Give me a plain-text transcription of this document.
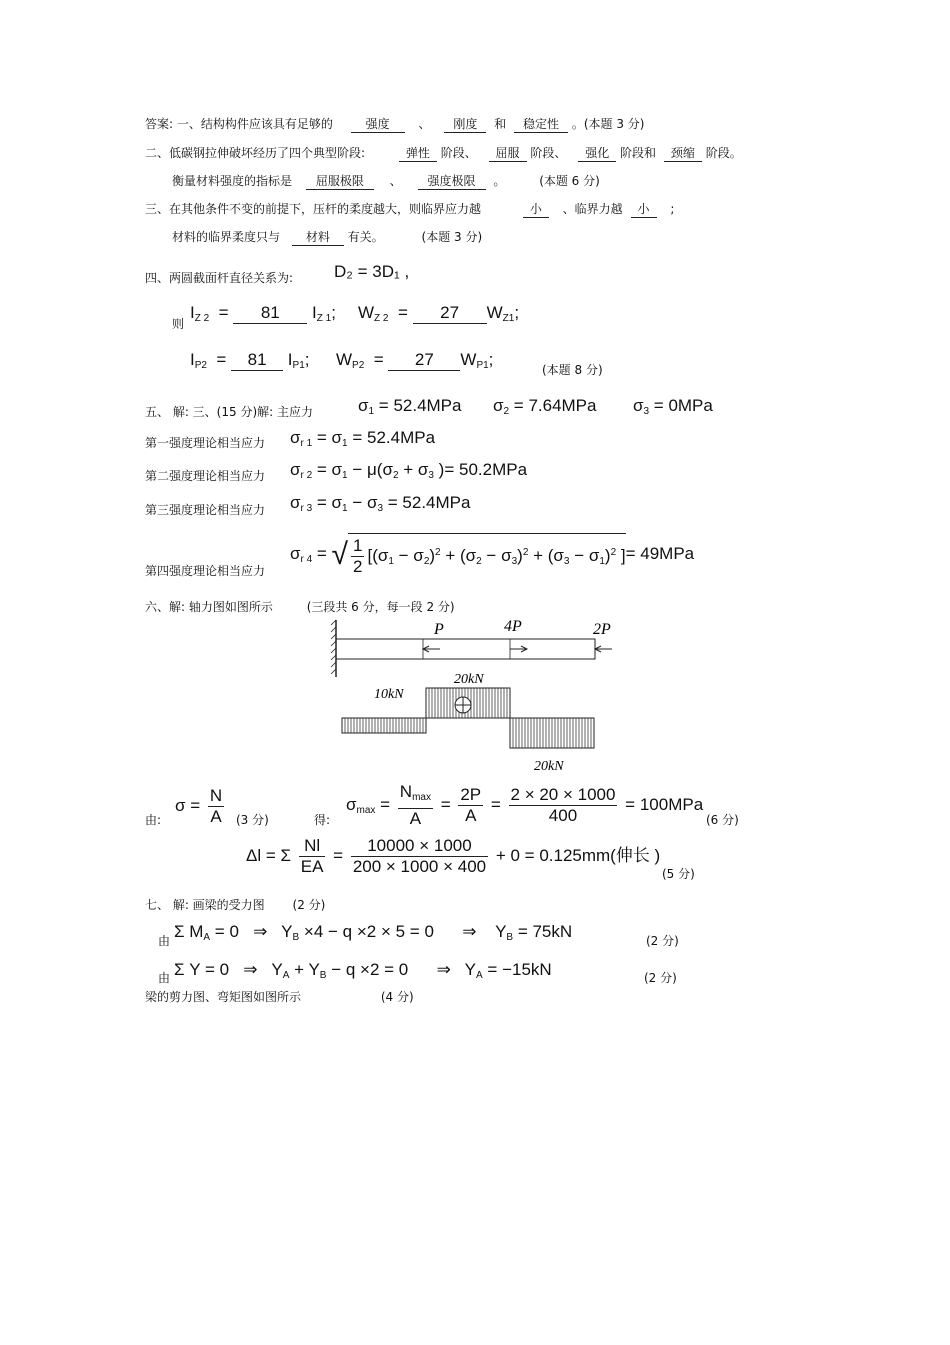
答案: 一、结构构件应该具有足够的	强度 、 刚度 和 稳定性 。(本题 3 分)
二、低碳钢拉伸破坏经历了四个典型阶段:	弹性 阶段、 屈服 阶段、 强化 阶段和 颈缩 阶段。
衡量材料强度的指标是 屈服极限 、 强度极限 。	(本题 6 分)
三、在其他条件不变的前提下，压杆的柔度越大，则临界应力越	小 、临界力越 小 ;
材料的临界柔度只与 材料 有关。	(本题 3 分)
四、两圆截面杆直径关系为: D₂ = 3D₁ ,
则
$I_{Z 2} = 81$ $I_{Z 1}$; $W_{Z 2} = 27$ $W_{Z1}$;
$I_{P2} = 81$ $I_{P1}$; $W_{P2} = 27$ $W_{P1}$;
(本题 8 分)
五、 解: 三、(15 分)解: 主应力	$\sigma_1 = 52.4MPa$ $\sigma_2 = 7.64MPa$ $\sigma_3 = 0MPa$
第一强度理论相当应力 $\sigma_{r 1} = \sigma_1 = 52.4MPa$
第二强度理论相当应力 $\sigma_{r 2} = \sigma_1 - \mu(\sigma_2 + \sigma_3$ )= 50.2MPa
第三强度理论相当应力 $\sigma_{r 3} = \sigma_1 - \sigma_3 = 52.4MPa$
第四强度理论相当应力
$\sigma_{r 4}$ = √ $\frac{1}{2} [(\sigma_1 - \sigma_2)^2 + (\sigma_2 - \sigma_3)^2 + (\sigma_3 - \sigma_1)^2$ ]= 49MPa
六、解: 轴力图如图所示	(三段共 6 分，每一段 2 分)
P	4P	2P
10kN
20kN
20kN
由:
$\sigma = \frac{N}{A} (3$ 分)	得:
$\sigma_{max} = \frac{N_{max}}{A} = \frac{2P}{A} = \frac{2 \times 20 \times 1000}{400} = 100MPa$
(6 分)
Δl = Σ $\frac{Nl}{EA} = \frac{10000 \times 1000}{200 \times 1000 \times 400} + 0 = 0.125mm$(伸长 )
(5 分)
七、 解: 画梁的受力图 (2 分)
由 Σ $M_A = 0$   ⇒   $Y_B \times 4 - q \times 2 \times 5 = 0$      ⇒    $Y_B = 75kN$	(2 分)
由 Σ Y = 0   ⇒   $Y_A + Y_B - q \times 2 = 0$      ⇒   $Y_A = -15kN$	(2 分)
梁的剪力图、弯矩图如图所示	(4 分)
